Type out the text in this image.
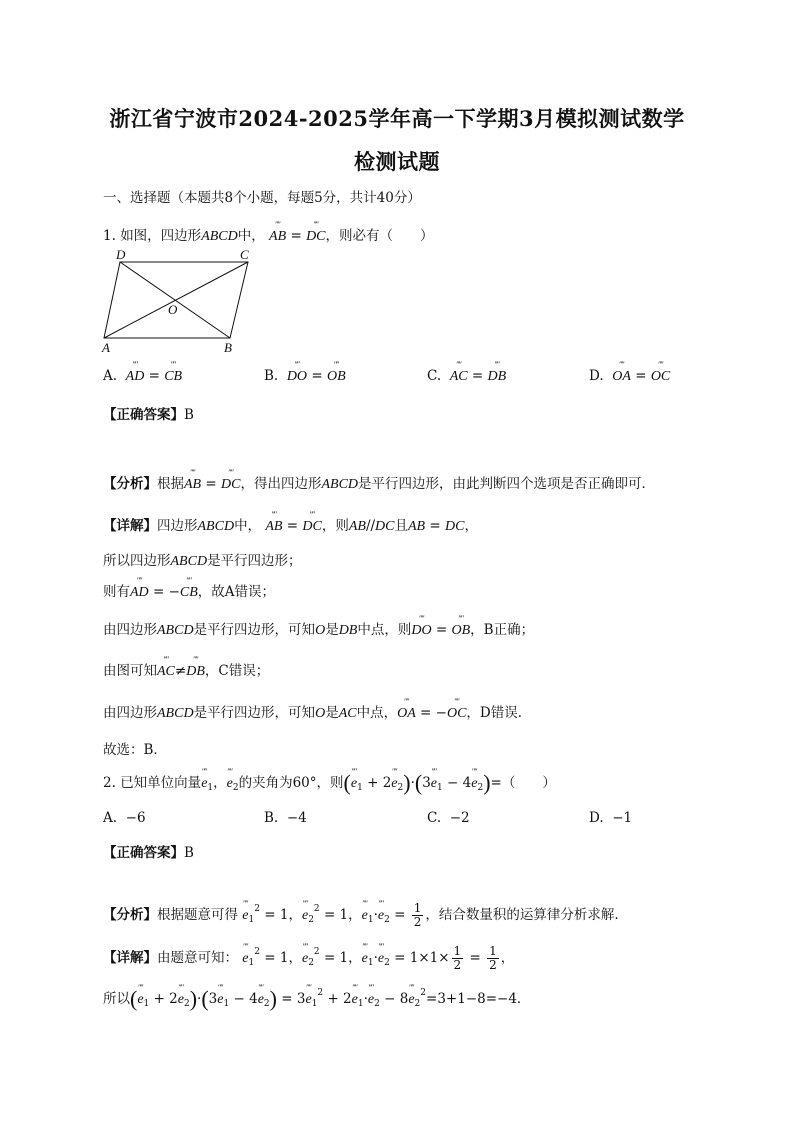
浙江省宁波市2024-2025学年高一下学期3月模拟测试数学
检测试题
一、选择题（本题共8个小题，每题5分，共计40分）
1. 如图，四边形ABCD中， ″″ AB = ″″ DC，则必有（　　）
D	C
O
A	B
A. ″″ AD = ″″ CB	B. ″″ DO = ″″ OB	C. ″″ AC = ″″ DB	D. ″″ OA = ″″ OC
【正确答案】B
【分析】根据″″ AB = ″″ DC，得出四边形ABCD是平行四边形，由此判断四个选项是否正确即可．
【详解】四边形ABCD中， ″″ AB = ″″ DC，则AB//DC且AB = DC，
所以四边形ABCD是平行四边形；
则有″″ AD = −″″ CB，故A错误；
由四边形ABCD是平行四边形，可知O是DB中点，则″″ DO = ″″ OB，B正确；
由图可知″″ AC≠″″ DB，C错误；
由四边形ABCD是平行四边形，可知O是AC中点，″″ OA = −″″ OC，D错误．
故选：B．
2. 已知单位向量″″ $e_1$，″″ $e_2$的夹角为60°，则(″″ $e_1 + 2''''$ $e_2)\cdot(3''''$ $e_1 - 4''''$ $e_2)=$（　　）
A. −6	B. −4	C. −2	D. −1
【正确答案】B
【分析】根据题意可得 ″″ $e_1^2 = 1$，″″ $e_2^2 = 1$，″″ $e_1\cdot''''$ $e_2 = \frac{1}{2}$ ，结合数量积的运算律分析求解.
【详解】由题意可知： ″″ $e_1^2 = 1$，″″ $e_2^2 = 1$，″″ $e_1\cdot''''$ $e_2 = 1\times 1\times \frac{1}{2} = \frac{1}{2}$ ，
所以(″″ $e_1 + 2''''$ $e_2)\cdot(3''''$ $e_1 - 4''''$ $e_2) = 3''''$ $e_1^2 + 2''''$ $e_1\cdot''''$ $e_2 - 8''''$ $e_2^2=3+1-8=-4$．
